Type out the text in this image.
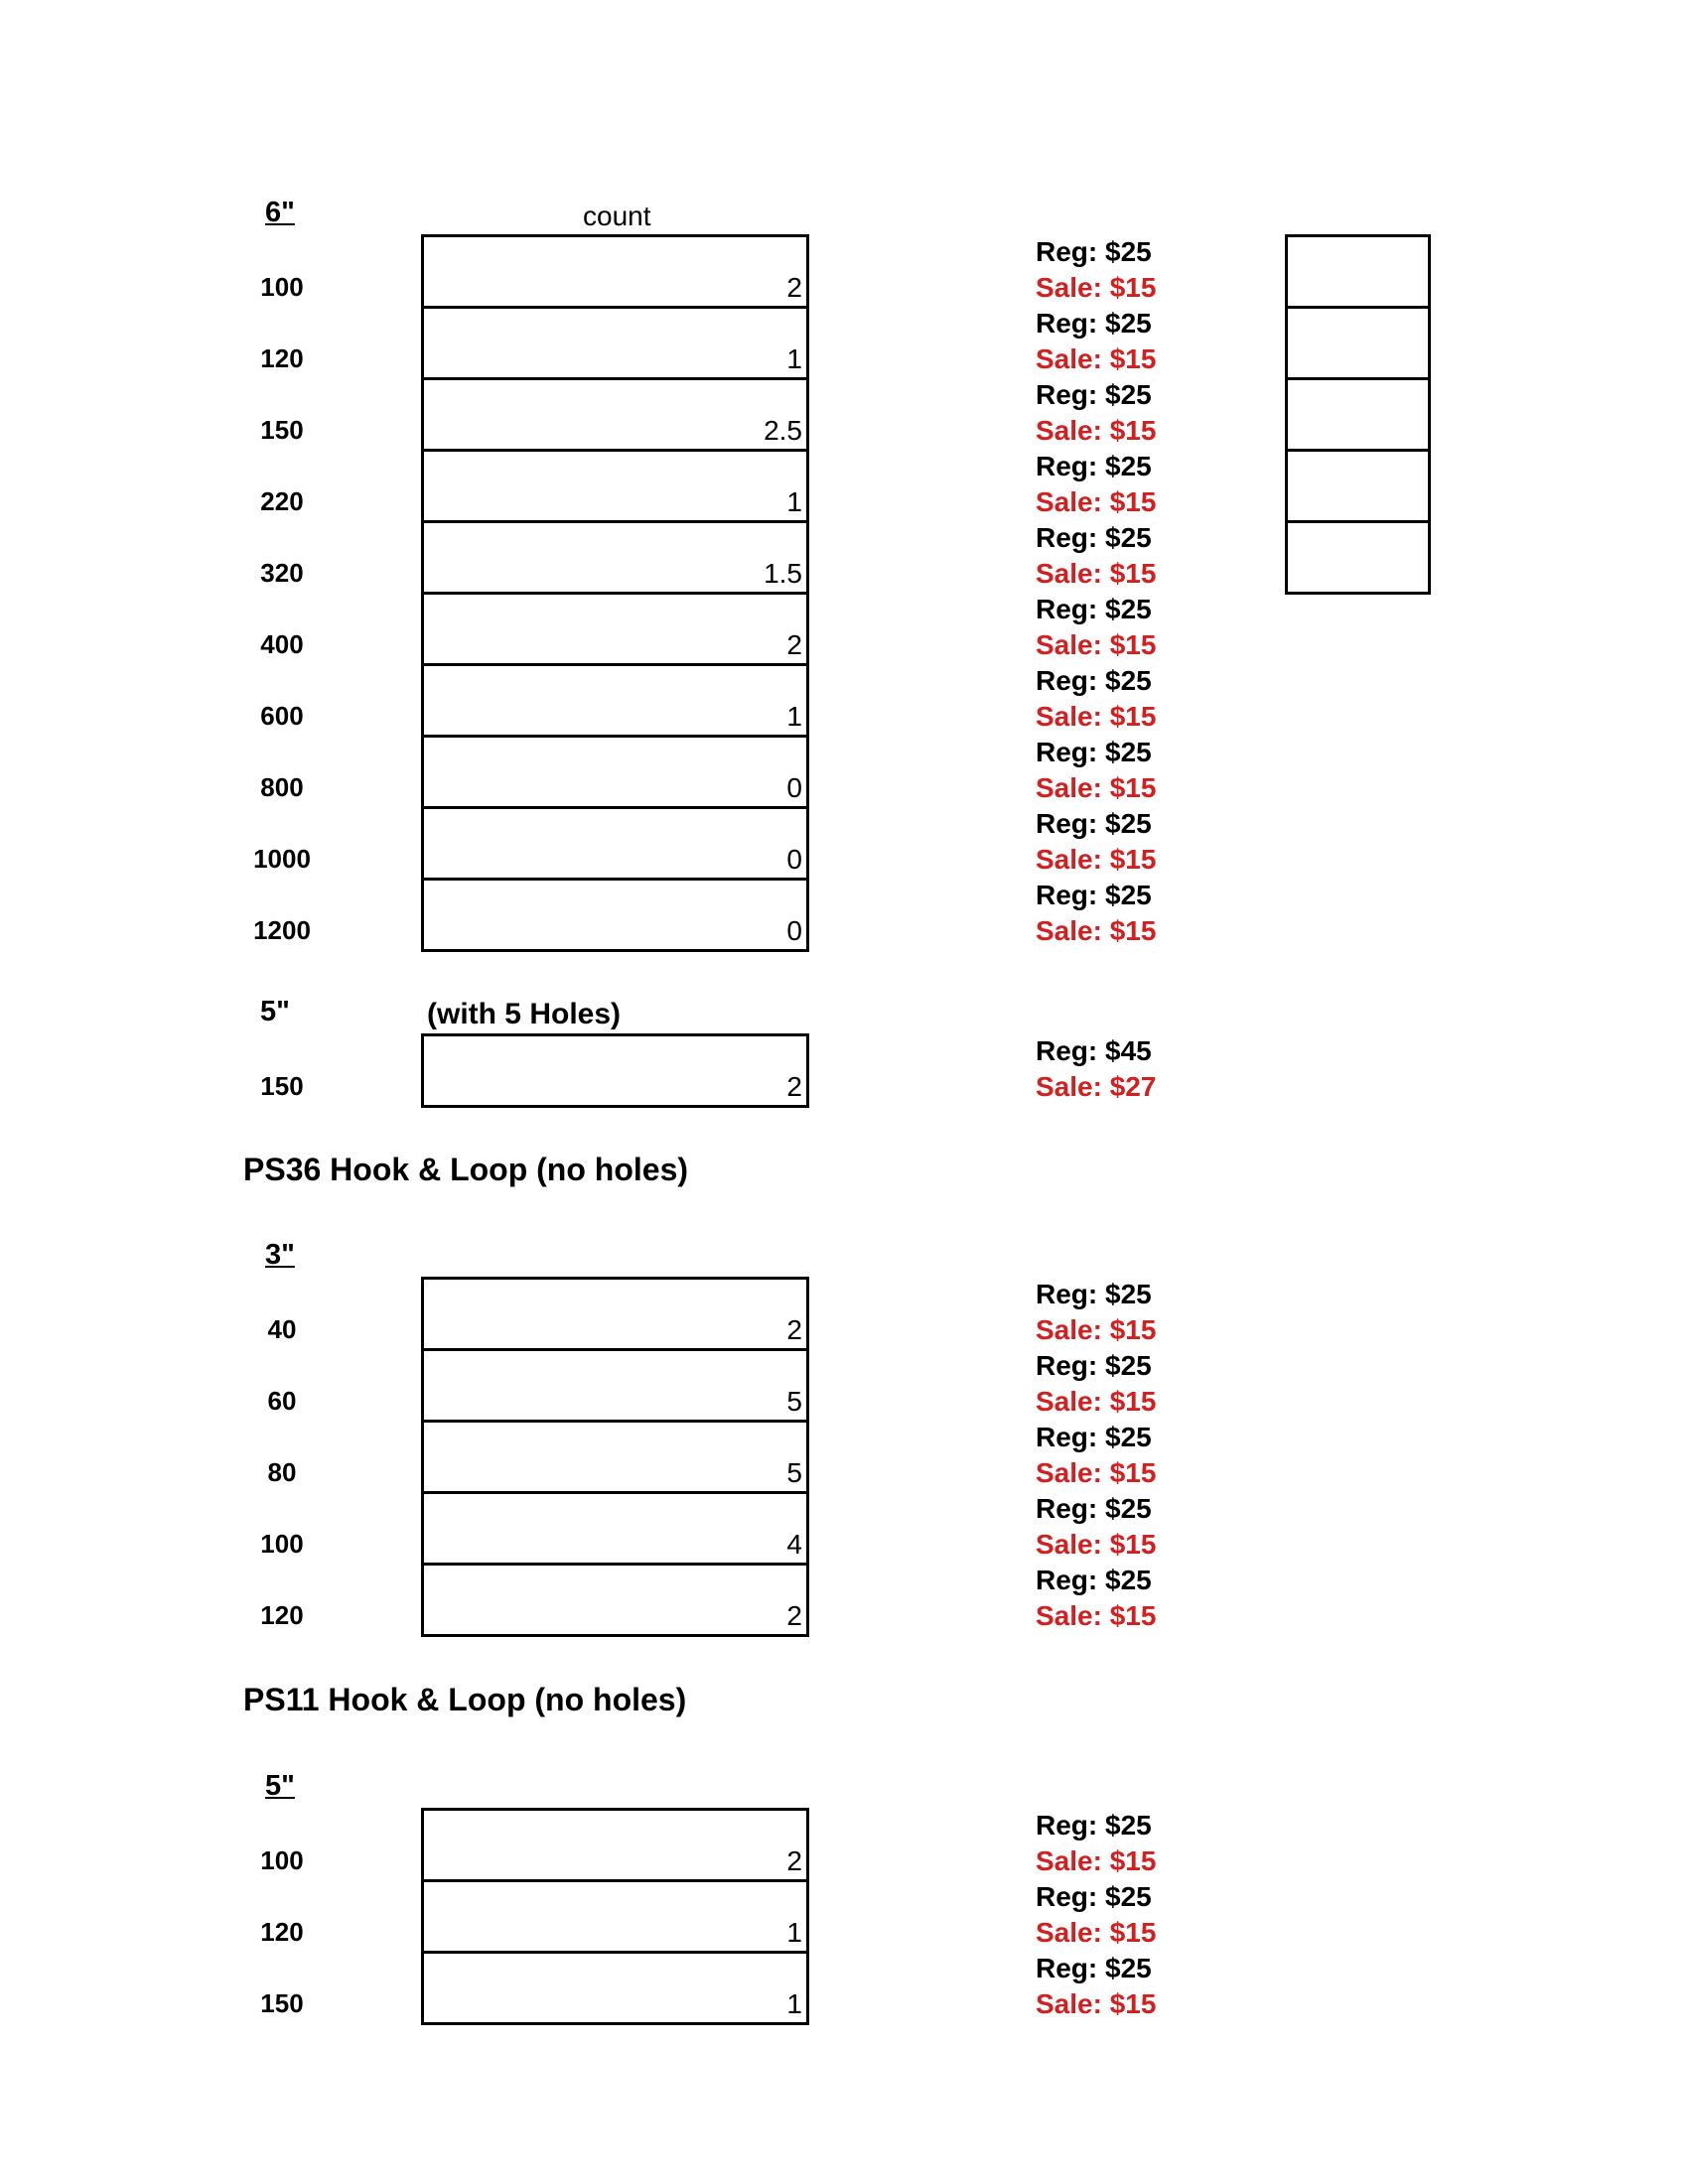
6"	count
100	2
Reg: $25
Sale: $15
120	1
Reg: $25
Sale: $15
150	2.5
Reg: $25
Sale: $15
220	1
Reg: $25
Sale: $15
320	1.5
Reg: $25
Sale: $15
400	2
Reg: $25
Sale: $15
600	1
Reg: $25
Sale: $15
800	0
Reg: $25
Sale: $15
1000	0
Reg: $25
Sale: $15
1200	0
Reg: $25
Sale: $15
5"	(with 5 Holes)
150	2
Reg: $45
Sale: $27
PS36 Hook & Loop (no holes)
3"
40	2
Reg: $25
Sale: $15
60	5
Reg: $25
Sale: $15
80	5
Reg: $25
Sale: $15
100	4
Reg: $25
Sale: $15
120	2
Reg: $25
Sale: $15
PS11 Hook & Loop (no holes)
5"
100	2
Reg: $25
Sale: $15
120	1
Reg: $25
Sale: $15
150	1
Reg: $25
Sale: $15
